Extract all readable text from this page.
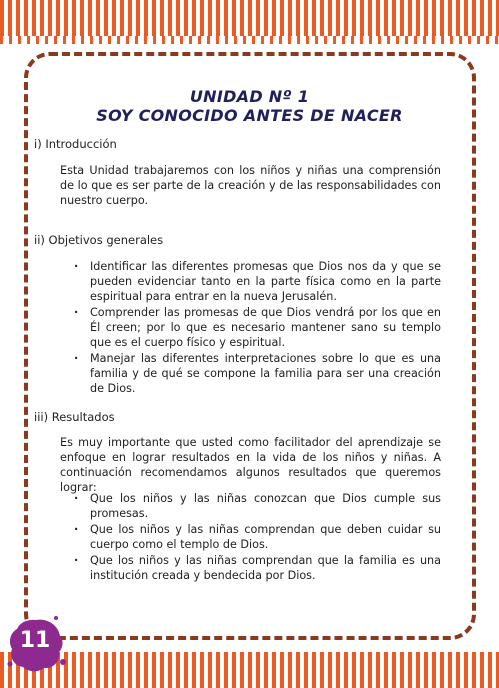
UNIDAD Nº 1
SOY CONOCIDO ANTES DE NACER
i) Introducción
Esta Unidad trabajaremos con los niños y niñas una comprensión de lo que es ser parte de la creación y de las responsabilidades con nuestro cuerpo.
ii) Objetivos generales
· Identificar las diferentes promesas que Dios nos da y que se pueden evidenciar tanto en la parte física como en la parte espiritual para entrar en la nueva Jerusalén.
· Comprender las promesas de que Dios vendrá por los que en Él creen; por lo que es necesario mantener sano su templo que es el cuerpo físico y espiritual.
· Manejar las diferentes interpretaciones sobre lo que es una familia y de qué se compone la familia para ser una creación de Dios.
iii) Resultados
Es muy importante que usted como facilitador del aprendizaje se enfoque en lograr resultados en la vida de los niños y niñas. A continuación recomendamos algunos resultados que queremos lograr:
· Que los niños y las niñas conozcan que Dios cumple sus promesas.
· Que los niños y las niñas comprendan que deben cuidar su cuerpo como el templo de Dios.
· Que los niños y las niñas comprendan que la familia es una institución creada y bendecida por Dios.
11
